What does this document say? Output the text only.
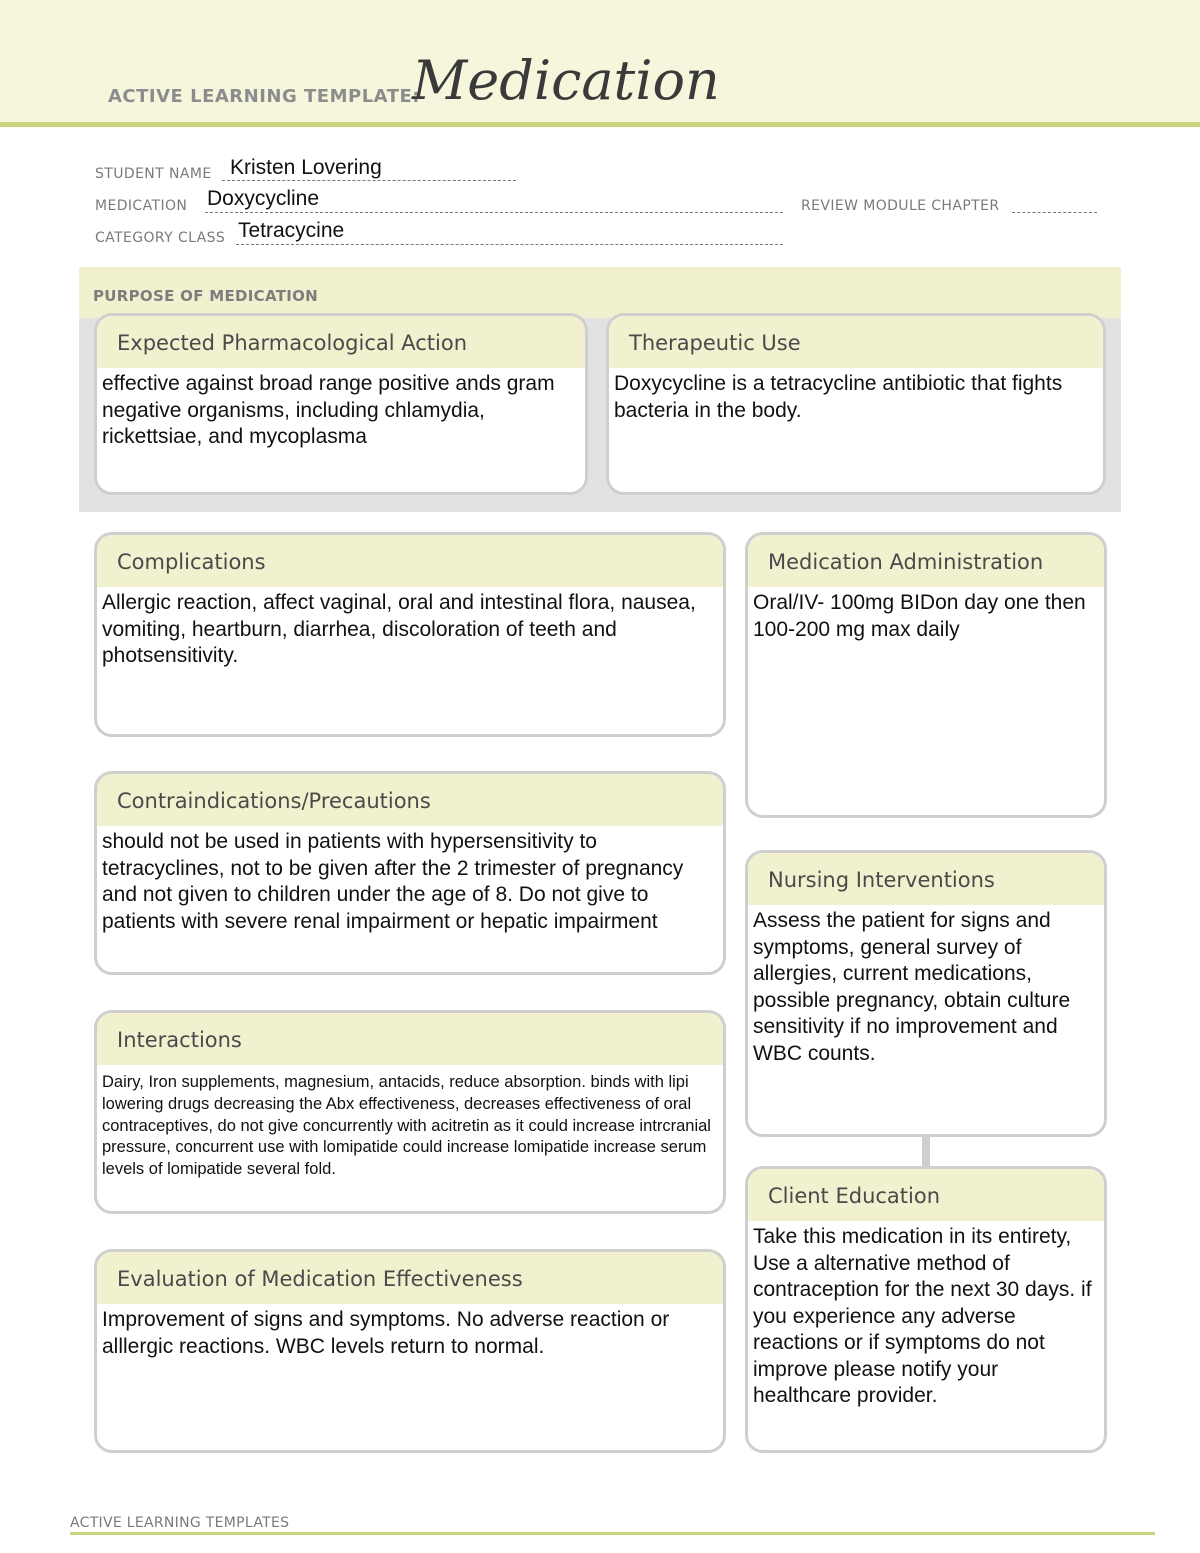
ACTIVE LEARNING TEMPLATE:
Medication
STUDENT NAME Kristen Lovering
MEDICATION Doxycycline	REVIEW MODULE CHAPTER
CATEGORY CLASS Tetracycine
PURPOSE OF MEDICATION
Expected Pharmacological Action
effective against broad range positive ands gram negative organisms, including chlamydia, rickettsiae, and mycoplasma
Therapeutic Use
Doxycycline is a tetracycline antibiotic that fights bacteria in the body.
Complications
Allergic reaction, affect vaginal, oral and intestinal flora, nausea, vomiting, heartburn, diarrhea, discoloration of teeth and photsensitivity.
Contraindications/Precautions
should not be used in patients with hypersensitivity to tetracyclines, not to be given after the 2 trimester of pregnancy and not given to children under the age of 8. Do not give to patients with severe renal impairment or hepatic impairment
Interactions
Dairy, Iron supplements, magnesium, antacids, reduce absorption. binds with lipi lowering drugs decreasing the Abx effectiveness, decreases effectiveness of oral contraceptives, do not give concurrently with acitretin as it could increase intrcranial pressure, concurrent use with lomipatide could increase lomipatide increase serum levels of lomipatide several fold.
Evaluation of Medication Effectiveness
Improvement of signs and symptoms. No adverse reaction or alllergic reactions. WBC levels return to normal.
Medication Administration
Oral/IV- 100mg BIDon day one then 100-200 mg max daily
Nursing Interventions
Assess the patient for signs and symptoms, general survey of allergies, current medications, possible pregnancy, obtain culture sensitivity if no improvement and WBC counts.
Client Education
Take this medication in its entirety, Use a alternative method of contraception for the next 30 days. if you experience any adverse reactions or if symptoms do not improve please notify your healthcare provider.
ACTIVE LEARNING TEMPLATES
